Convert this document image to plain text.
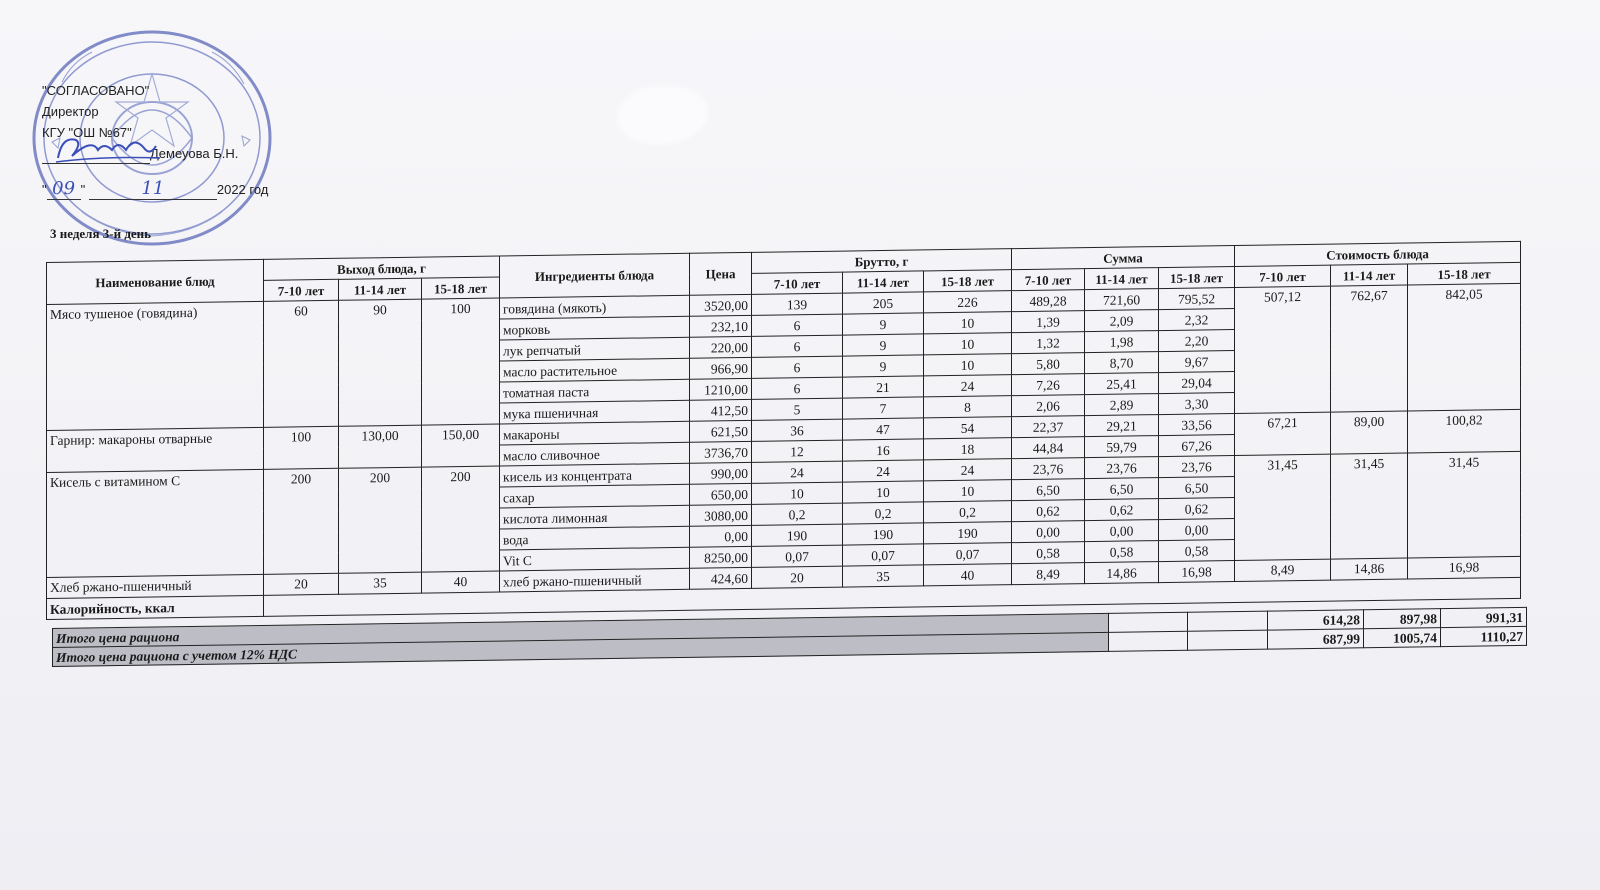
"СОГЛАСОВАНО"
Директор
КГУ "ОШ №67"
Демеуова Б.Н.
" 09 "	11	2022 год
3 неделя 3-й день
Наименование блюд	Выход блюда, г			Ингредиенты блюда	Цена	Брутто, г			Сумма			Стоимость блюда		
	7-10 лет	11-14 лет	15-18 лет			7-10 лет	11-14 лет	15-18 лет	7-10 лет	11-14 лет	15-18 лет	7-10 лет	11-14 лет	15-18 лет
Мясо тушеное (говядина)	60	90	100	говядина (мякоть)	3520,00	139	205	226	489,28	721,60	795,52	507,12	762,67	842,05
				морковь	232,10	6	9	10	1,39	2,09	2,32			
				лук репчатый	220,00	6	9	10	1,32	1,98	2,20			
				масло растительное	966,90	6	9	10	5,80	8,70	9,67			
				томатная паста	1210,00	6	21	24	7,26	25,41	29,04			
				мука пшеничная	412,50	5	7	8	2,06	2,89	3,30			
Гарнир: макароны отварные	100	130,00	150,00	макароны	621,50	36	47	54	22,37	29,21	33,56	67,21	89,00	100,82
				масло сливочное	3736,70	12	16	18	44,84	59,79	67,26			
Кисель с витамином С	200	200	200	кисель из концентрата	990,00	24	24	24	23,76	23,76	23,76	31,45	31,45	31,45
				сахар	650,00	10	10	10	6,50	6,50	6,50			
				кислота лимонная	3080,00	0,2	0,2	0,2	0,62	0,62	0,62			
				вода	0,00	190	190	190	0,00	0,00	0,00			
				Vit C	8250,00	0,07	0,07	0,07	0,58	0,58	0,58			
Хлеб ржано-пшеничный	20	35	40	хлеб ржано-пшеничный	424,60	20	35	40	8,49	14,86	16,98	8,49	14,86	16,98
Калорийность, ккал														
Итого цена рациона			614,28	897,98	991,31
Итого цена рациона с учетом 12% НДС			687,99	1005,74	1110,27
